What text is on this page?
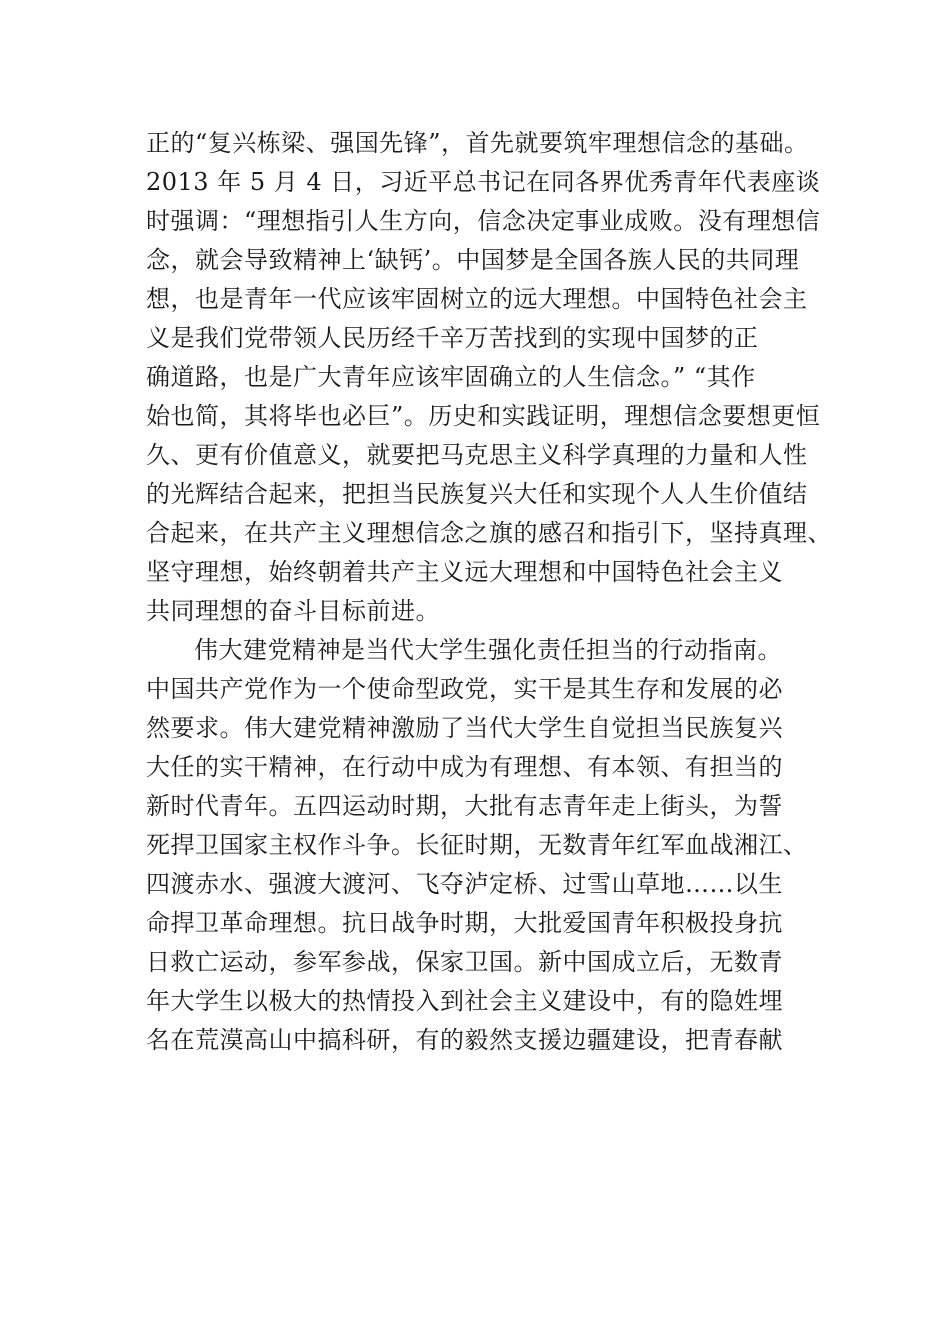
正的“复兴栋梁、强国先锋”，首先就要筑牢理想信念的基础。
2013 年 5 月 4 日，习近平总书记在同各界优秀青年代表座谈
时强调：“理想指引人生方向，信念决定事业成败。没有理想信
念，就会导致精神上‘缺钙’。中国梦是全国各族人民的共同理
想，也是青年一代应该牢固树立的远大理想。中国特色社会主
义是我们党带领人民历经千辛万苦找到的实现中国梦的正
确道路，也是广大青年应该牢固确立的人生信念。” “其作
始也简，其将毕也必巨”。历史和实践证明，理想信念要想更恒
久、更有价值意义，就要把马克思主义科学真理的力量和人性
的光辉结合起来，把担当民族复兴大任和实现个人人生价值结
合起来，在共产主义理想信念之旗的感召和指引下，坚持真理、
坚守理想，始终朝着共产主义远大理想和中国特色社会主义
共同理想的奋斗目标前进。
伟大建党精神是当代大学生强化责任担当的行动指南。
中国共产党作为一个使命型政党，实干是其生存和发展的必
然要求。伟大建党精神激励了当代大学生自觉担当民族复兴
大任的实干精神，在行动中成为有理想、有本领、有担当的
新时代青年。五四运动时期，大批有志青年走上街头，为誓
死捍卫国家主权作斗争。长征时期，无数青年红军血战湘江、
四渡赤水、强渡大渡河、飞夺泸定桥、过雪山草地……以生
命捍卫革命理想。抗日战争时期，大批爱国青年积极投身抗
日救亡运动，参军参战，保家卫国。新中国成立后，无数青
年大学生以极大的热情投入到社会主义建设中，有的隐姓埋
名在荒漠高山中搞科研，有的毅然支援边疆建设，把青春献
